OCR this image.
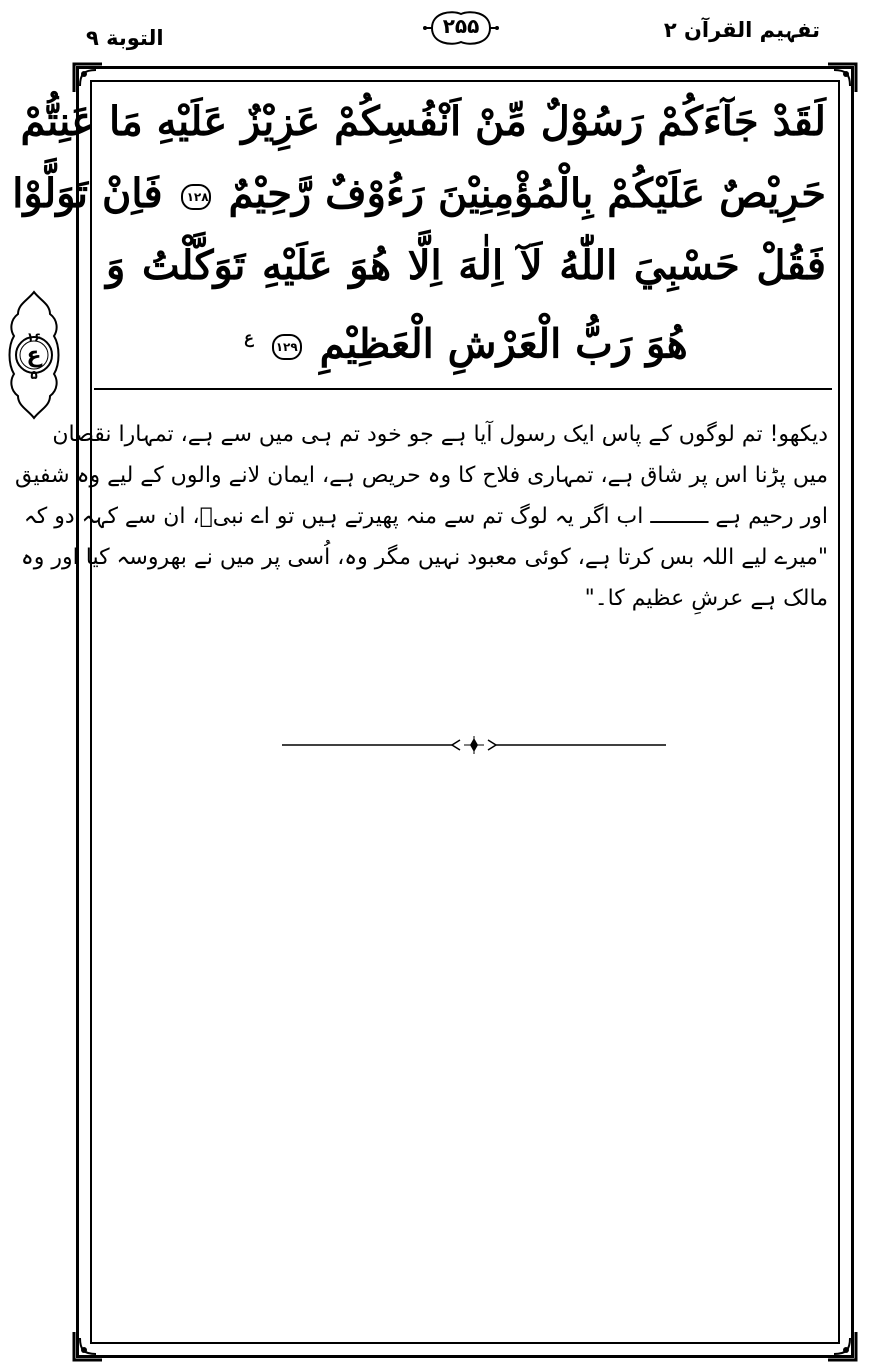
تفہیم القرآن ۲
۲۵۵
التوبة ۹
۱۶
ع
۵
لَقَدْ جَآءَكُمْ رَسُوْلٌ مِّنْ اَنْفُسِكُمْ عَزِيْزٌ عَلَيْهِ مَا عَنِتُّمْ
حَرِيْصٌ عَلَيْكُمْ بِالْمُؤْمِنِيْنَ رَءُوْفٌ رَّحِيْمٌ ۱۲۸ فَاِنْ تَوَلَّوْا
فَقُلْ حَسْبِيَ اللّٰهُ لَآ اِلٰهَ اِلَّا هُوَ عَلَيْهِ تَوَكَّلْتُ وَ
هُوَ رَبُّ الْعَرْشِ الْعَظِيْمِ ۱۲۹ $^ع$
دیکھو! تم لوگوں کے پاس ایک رسول آیا ہے جو خود تم ہی میں سے ہے، تمہارا نقصان
میں پڑنا اس پر شاق ہے، تمہاری فلاح کا وہ حریص ہے، ایمان لانے والوں کے لیے وہ شفیق
اور رحیم ہے ـــــــــ اب اگر یہ لوگ تم سے منہ پھیرتے ہیں تو اے نبیؐ، ان سے کہہ دو کہ
"میرے لیے اللہ بس کرتا ہے، کوئی معبود نہیں مگر وہ، اُسی پر میں نے بھروسہ کیا اور وہ
مالک ہے عرشِ عظیم کا۔"
